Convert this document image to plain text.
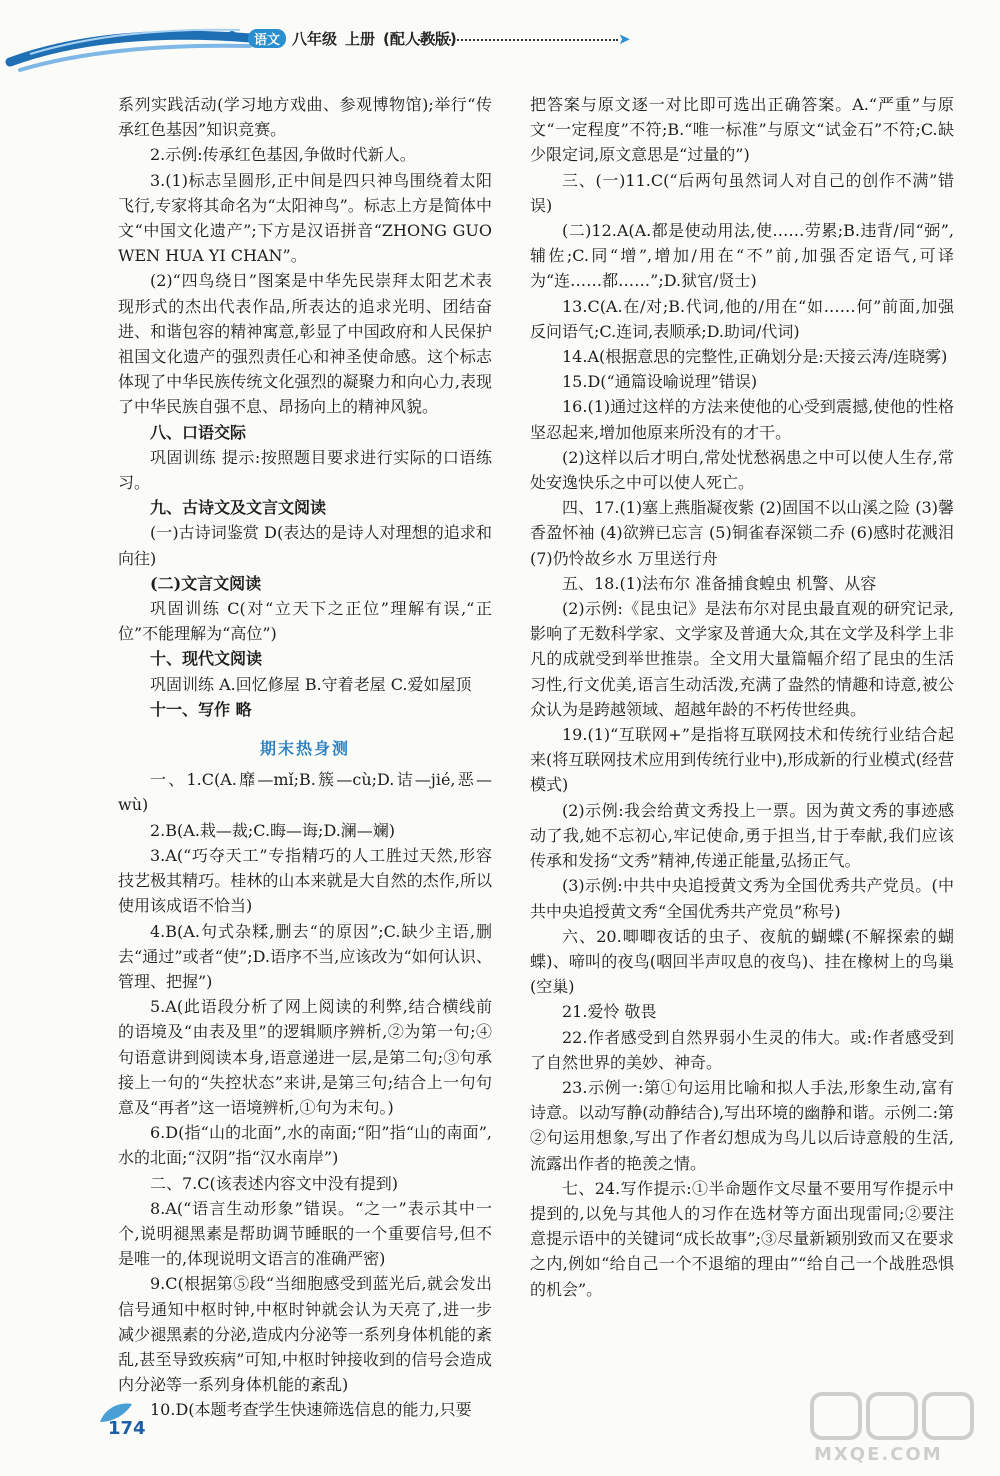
语文 八年级 上册 (配人教版)	➤

系列实践活动(学习地方戏曲、参观博物馆);举行“传承红色基因”知识竞赛。

2.示例:传承红色基因,争做时代新人。

3.(1)标志呈圆形,正中间是四只神鸟围绕着太阳飞行,专家将其命名为“太阳神鸟”。标志上方是简体中文“中国文化遗产”;下方是汉语拼音“ZHONG GUO WEN HUA YI CHAN”。

(2)“四鸟绕日”图案是中华先民崇拜太阳艺术表现形式的杰出代表作品,所表达的追求光明、团结奋进、和谐包容的精神寓意,彰显了中国政府和人民保护祖国文化遗产的强烈责任心和神圣使命感。这个标志体现了中华民族传统文化强烈的凝聚力和向心力,表现了中华民族自强不息、昂扬向上的精神风貌。

八、口语交际

巩固训练 提示:按照题目要求进行实际的口语练习。

九、古诗文及文言文阅读

(一)古诗词鉴赏 D(表达的是诗人对理想的追求和向往)

(二)文言文阅读

巩固训练 C(对“立天下之正位”理解有误,“正位”不能理解为“高位”)

十、现代文阅读

巩固训练 A.回忆修屋 B.守着老屋 C.爱如屋顶

十一、写作 略

期末热身测

一、1.C(A.靡—mǐ;B.簇—cù;D.诘—jié,恶—wù)

2.B(A.栽—裁;C.晦—诲;D.澜—斓)

3.A(“巧夺天工”专指精巧的人工胜过天然,形容技艺极其精巧。桂林的山本来就是大自然的杰作,所以使用该成语不恰当)

4.B(A.句式杂糅,删去“的原因”;C.缺少主语,删去“通过”或者“使”;D.语序不当,应该改为“如何认识、管理、把握”)

5.A(此语段分析了网上阅读的利弊,结合横线前的语境及“由表及里”的逻辑顺序辨析,②为第一句;④句语意讲到阅读本身,语意递进一层,是第二句;③句承接上一句的“失控状态”来讲,是第三句;结合上一句句意及“再者”这一语境辨析,①句为末句。)

6.D(指“山的北面”,水的南面;“阳”指“山的南面”,水的北面;“汉阴”指“汉水南岸”)

二、7.C(该表述内容文中没有提到)

8.A(“语言生动形象”错误。“之一”表示其中一个,说明褪黑素是帮助调节睡眠的一个重要信号,但不是唯一的,体现说明文语言的准确严密)

9.C(根据第⑤段“当细胞感受到蓝光后,就会发出信号通知中枢时钟,中枢时钟就会认为天亮了,进一步减少褪黑素的分泌,造成内分泌等一系列身体机能的紊乱,甚至导致疾病”可知,中枢时钟接收到的信号会造成内分泌等一系列身体机能的紊乱)

10.D(本题考查学生快速筛选信息的能力,只要

把答案与原文逐一对比即可选出正确答案。A.“严重”与原文“一定程度”不符;B.“唯一标准”与原文“试金石”不符;C.缺少限定词,原文意思是“过量的”)

三、(一)11.C(“后两句虽然词人对自己的创作不满”错误)

(二)12.A(A.都是使动用法,使……劳累;B.违背/同“弼”,辅佐;C.同“增”,增加/用在“不”前,加强否定语气,可译为“连……都……”;D.狱官/贤士)

13.C(A.在/对;B.代词,他的/用在“如……何”前面,加强反问语气;C.连词,表顺承;D.助词/代词)

14.A(根据意思的完整性,正确划分是:天接云涛/连晓雾)

15.D(“通篇设喻说理”错误)

16.(1)通过这样的方法来使他的心受到震撼,使他的性格坚忍起来,增加他原来所没有的才干。

(2)这样以后才明白,常处忧愁祸患之中可以使人生存,常处安逸快乐之中可以使人死亡。

四、17.(1)塞上燕脂凝夜紫 (2)固国不以山溪之险 (3)馨香盈怀袖 (4)欲辨已忘言 (5)铜雀春深锁二乔 (6)感时花溅泪 (7)仍怜故乡水 万里送行舟

五、18.(1)法布尔 准备捕食蝗虫 机警、从容

(2)示例:《昆虫记》是法布尔对昆虫最直观的研究记录,影响了无数科学家、文学家及普通大众,其在文学及科学上非凡的成就受到举世推崇。全文用大量篇幅介绍了昆虫的生活习性,行文优美,语言生动活泼,充满了盎然的情趣和诗意,被公众认为是跨越领域、超越年龄的不朽传世经典。

19.(1)“互联网+”是指将互联网技术和传统行业结合起来(将互联网技术应用到传统行业中),形成新的行业模式(经营模式)

(2)示例:我会给黄文秀投上一票。因为黄文秀的事迹感动了我,她不忘初心,牢记使命,勇于担当,甘于奉献,我们应该传承和发扬“文秀”精神,传递正能量,弘扬正气。

(3)示例:中共中央追授黄文秀为全国优秀共产党员。(中共中央追授黄文秀“全国优秀共产党员”称号)

六、20.唧唧夜话的虫子、夜航的蝴蝶(不解探索的蝴蝶)、啼叫的夜鸟(咽回半声叹息的夜鸟)、挂在橡树上的鸟巢(空巢)

21.爱怜 敬畏

22.作者感受到自然界弱小生灵的伟大。或:作者感受到了自然世界的美妙、神奇。

23.示例一:第①句运用比喻和拟人手法,形象生动,富有诗意。以动写静(动静结合),写出环境的幽静和谐。示例二:第②句运用想象,写出了作者幻想成为鸟儿以后诗意般的生活,流露出作者的艳羡之情。

七、24.写作提示:①半命题作文尽量不要用写作提示中提到的,以免与其他人的习作在选材等方面出现雷同;②要注意提示语中的关键词“成长故事”;③尽量新颖别致而又在要求之内,例如“给自己一个不退缩的理由”“给自己一个战胜恐惧的机会”。

174
MXQE.COM
